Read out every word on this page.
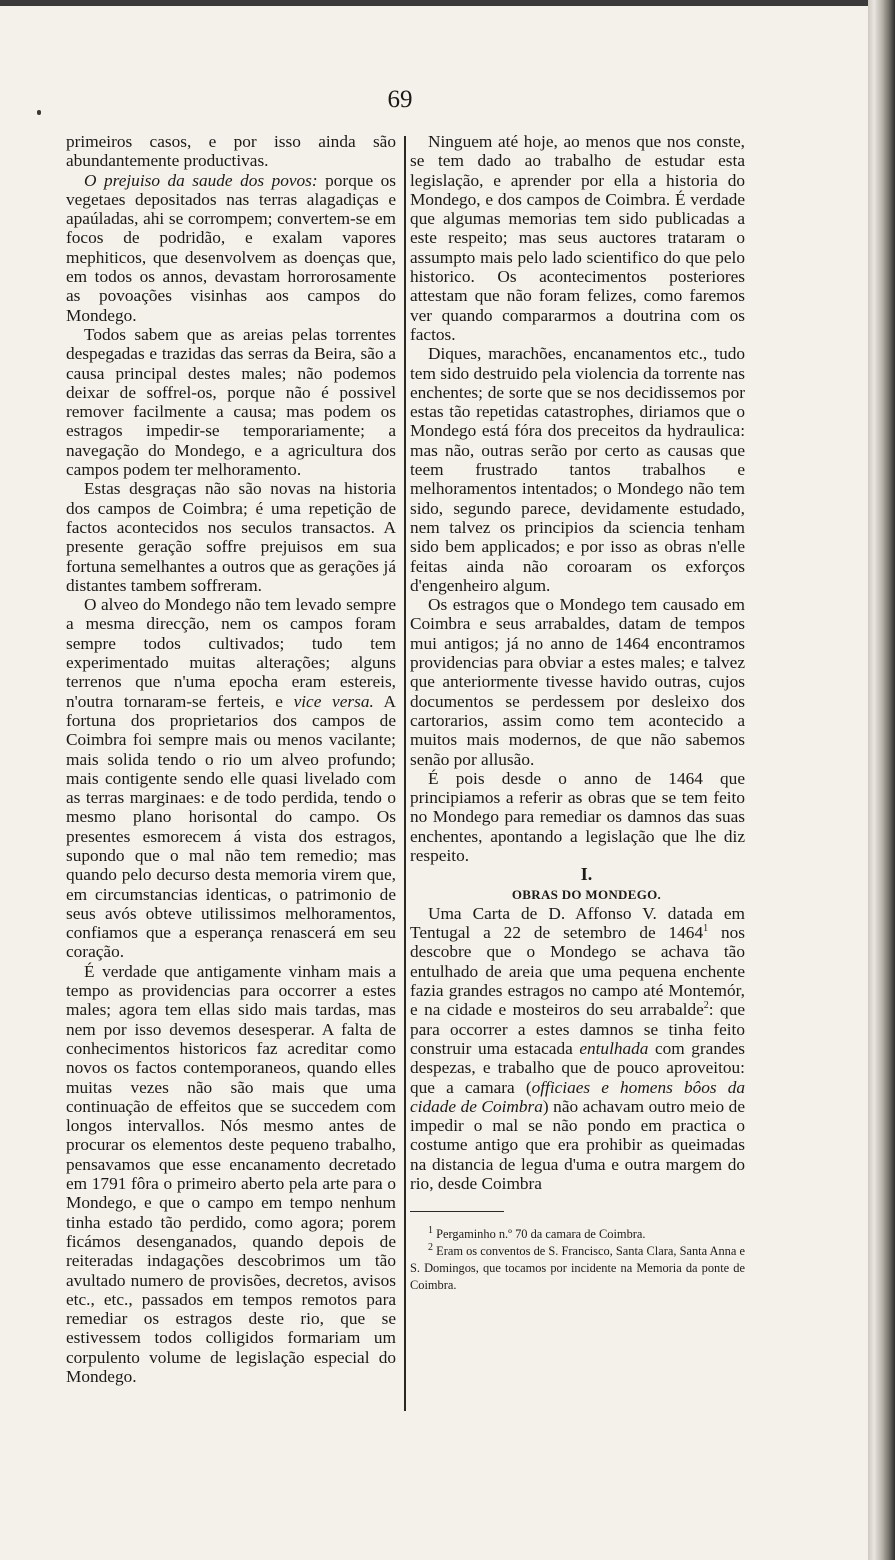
69

primeiros casos, e por isso ainda são abundantemente productivas.

O prejuiso da saude dos povos: porque os vegetaes depositados nas terras alagadiças e apaúladas, ahi se corrompem; convertem-se em focos de podridão, e exalam vapores mephiticos, que desenvolvem as doenças que, em todos os annos, devastam horrorosamente as povoações visinhas aos campos do Mondego.

Todos sabem que as areias pelas torrentes despegadas e trazidas das serras da Beira, são a causa principal destes males; não podemos deixar de soffrel-os, porque não é possivel remover facilmente a causa; mas podem os estragos impedir-se temporariamente; a navegação do Mondego, e a agricultura dos campos podem ter melhoramento.

Estas desgraças não são novas na historia dos campos de Coimbra; é uma repetição de factos acontecidos nos seculos transactos. A presente geração soffre prejuisos em sua fortuna semelhantes a outros que as gerações já distantes tambem soffreram.

O alveo do Mondego não tem levado sempre a mesma direcção, nem os campos foram sempre todos cultivados; tudo tem experimentado muitas alterações; alguns terrenos que n'uma epocha eram estereis, n'outra tornaram-se ferteis, e vice versa. A fortuna dos proprietarios dos campos de Coimbra foi sempre mais ou menos vacilante; mais solida tendo o rio um alveo profundo; mais contigente sendo elle quasi livelado com as terras marginaes: e de todo perdida, tendo o mesmo plano horisontal do campo. Os presentes esmorecem á vista dos estragos, supondo que o mal não tem remedio; mas quando pelo decurso desta memoria virem que, em circumstancias identicas, o patrimonio de seus avós obteve utilissimos melhoramentos, confiamos que a esperança renascerá em seu coração.

É verdade que antigamente vinham mais a tempo as providencias para occorrer a estes males; agora tem ellas sido mais tardas, mas nem por isso devemos desesperar. A falta de conhecimentos historicos faz acreditar como novos os factos contemporaneos, quando elles muitas vezes não são mais que uma continuação de effeitos que se succedem com longos intervallos. Nós mesmo antes de procurar os elementos deste pequeno trabalho, pensavamos que esse encanamento decretado em 1791 fôra o primeiro aberto pela arte para o Mondego, e que o campo em tempo nenhum tinha estado tão perdido, como agora; porem ficámos desenganados, quando depois de reiteradas indagações descobrimos um tão avultado numero de provisões, decretos, avisos etc., etc., passados em tempos remotos para remediar os estragos deste rio, que se estivessem todos colligidos formariam um corpulento volume de legislação especial do Mondego.

Ninguem até hoje, ao menos que nos conste, se tem dado ao trabalho de estudar esta legislação, e aprender por ella a historia do Mondego, e dos campos de Coimbra. É verdade que algumas memorias tem sido publicadas a este respeito; mas seus auctores trataram o assumpto mais pelo lado scientifico do que pelo historico. Os acontecimentos posteriores attestam que não foram felizes, como faremos ver quando compararmos a doutrina com os factos.

Diques, marachões, encanamentos etc., tudo tem sido destruido pela violencia da torrente nas enchentes; de sorte que se nos decidissemos por estas tão repetidas catastrophes, diriamos que o Mondego está fóra dos preceitos da hydraulica: mas não, outras serão por certo as causas que teem frustrado tantos trabalhos e melhoramentos intentados; o Mondego não tem sido, segundo parece, devidamente estudado, nem talvez os principios da sciencia tenham sido bem applicados; e por isso as obras n'elle feitas ainda não coroaram os exforços d'engenheiro algum.

Os estragos que o Mondego tem causado em Coimbra e seus arrabaldes, datam de tempos mui antigos; já no anno de 1464 encontramos providencias para obviar a estes males; e talvez que anteriormente tivesse havido outras, cujos documentos se perdessem por desleixo dos cartorarios, assim como tem acontecido a muitos mais modernos, de que não sabemos senão por allusão.

É pois desde o anno de 1464 que principiamos a referir as obras que se tem feito no Mondego para remediar os damnos das suas enchentes, apontando a legislação que lhe diz respeito.

I.

OBRAS DO MONDEGO.

Uma Carta de D. Affonso V. datada em Tentugal a 22 de setembro de 1464$^1$ nos descobre que o Mondego se achava tão entulhado de areia que uma pequena enchente fazia grandes estragos no campo até Montemór, e na cidade e mosteiros do seu arrabalde$^2$: que para occorrer a estes damnos se tinha feito construir uma estacada entulhada com grandes despezas, e trabalho que de pouco aproveitou: que a camara (officiaes e homens bôos da cidade de Coimbra) não achavam outro meio de impedir o mal se não pondo em practica o costume antigo que era prohibir as queimadas na distancia de legua d'uma e outra margem do rio, desde Coimbra

$^1$ Pergaminho n.º 70 da camara de Coimbra.

$^2$ Eram os conventos de S. Francisco, Santa Clara, Santa Anna e S. Domingos, que tocamos por incidente na Memoria da ponte de Coimbra.
